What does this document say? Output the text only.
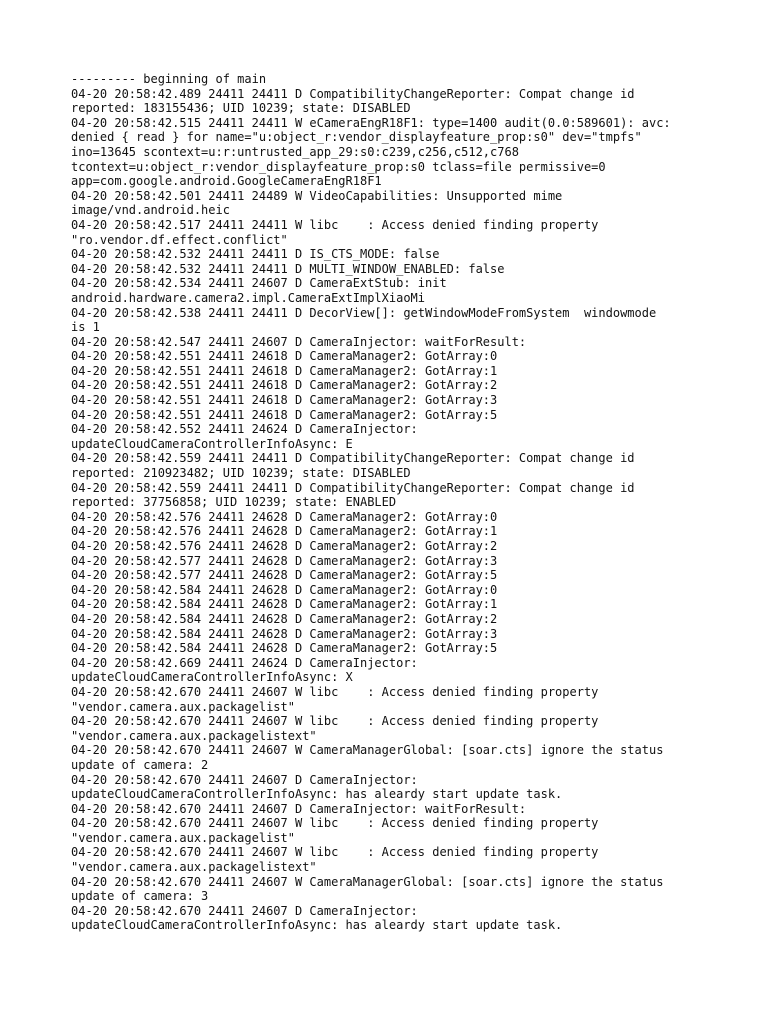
--------- beginning of main
04-20 20:58:42.489 24411 24411 D CompatibilityChangeReporter: Compat change id
reported: 183155436; UID 10239; state: DISABLED
04-20 20:58:42.515 24411 24411 W eCameraEngR18F1: type=1400 audit(0.0:589601): avc:
denied { read } for name="u:object_r:vendor_displayfeature_prop:s0" dev="tmpfs"
ino=13645 scontext=u:r:untrusted_app_29:s0:c239,c256,c512,c768
tcontext=u:object_r:vendor_displayfeature_prop:s0 tclass=file permissive=0
app=com.google.android.GoogleCameraEngR18F1
04-20 20:58:42.501 24411 24489 W VideoCapabilities: Unsupported mime
image/vnd.android.heic
04-20 20:58:42.517 24411 24411 W libc    : Access denied finding property
"ro.vendor.df.effect.conflict"
04-20 20:58:42.532 24411 24411 D IS_CTS_MODE: false
04-20 20:58:42.532 24411 24411 D MULTI_WINDOW_ENABLED: false
04-20 20:58:42.534 24411 24607 D CameraExtStub: init
android.hardware.camera2.impl.CameraExtImplXiaoMi
04-20 20:58:42.538 24411 24411 D DecorView[]: getWindowModeFromSystem  windowmode
is 1
04-20 20:58:42.547 24411 24607 D CameraInjector: waitForResult:
04-20 20:58:42.551 24411 24618 D CameraManager2: GotArray:0
04-20 20:58:42.551 24411 24618 D CameraManager2: GotArray:1
04-20 20:58:42.551 24411 24618 D CameraManager2: GotArray:2
04-20 20:58:42.551 24411 24618 D CameraManager2: GotArray:3
04-20 20:58:42.551 24411 24618 D CameraManager2: GotArray:5
04-20 20:58:42.552 24411 24624 D CameraInjector:
updateCloudCameraControllerInfoAsync: E
04-20 20:58:42.559 24411 24411 D CompatibilityChangeReporter: Compat change id
reported: 210923482; UID 10239; state: DISABLED
04-20 20:58:42.559 24411 24411 D CompatibilityChangeReporter: Compat change id
reported: 37756858; UID 10239; state: ENABLED
04-20 20:58:42.576 24411 24628 D CameraManager2: GotArray:0
04-20 20:58:42.576 24411 24628 D CameraManager2: GotArray:1
04-20 20:58:42.576 24411 24628 D CameraManager2: GotArray:2
04-20 20:58:42.577 24411 24628 D CameraManager2: GotArray:3
04-20 20:58:42.577 24411 24628 D CameraManager2: GotArray:5
04-20 20:58:42.584 24411 24628 D CameraManager2: GotArray:0
04-20 20:58:42.584 24411 24628 D CameraManager2: GotArray:1
04-20 20:58:42.584 24411 24628 D CameraManager2: GotArray:2
04-20 20:58:42.584 24411 24628 D CameraManager2: GotArray:3
04-20 20:58:42.584 24411 24628 D CameraManager2: GotArray:5
04-20 20:58:42.669 24411 24624 D CameraInjector:
updateCloudCameraControllerInfoAsync: X
04-20 20:58:42.670 24411 24607 W libc    : Access denied finding property
"vendor.camera.aux.packagelist"
04-20 20:58:42.670 24411 24607 W libc    : Access denied finding property
"vendor.camera.aux.packagelistext"
04-20 20:58:42.670 24411 24607 W CameraManagerGlobal: [soar.cts] ignore the status
update of camera: 2
04-20 20:58:42.670 24411 24607 D CameraInjector:
updateCloudCameraControllerInfoAsync: has aleardy start update task.
04-20 20:58:42.670 24411 24607 D CameraInjector: waitForResult:
04-20 20:58:42.670 24411 24607 W libc    : Access denied finding property
"vendor.camera.aux.packagelist"
04-20 20:58:42.670 24411 24607 W libc    : Access denied finding property
"vendor.camera.aux.packagelistext"
04-20 20:58:42.670 24411 24607 W CameraManagerGlobal: [soar.cts] ignore the status
update of camera: 3
04-20 20:58:42.670 24411 24607 D CameraInjector:
updateCloudCameraControllerInfoAsync: has aleardy start update task.
